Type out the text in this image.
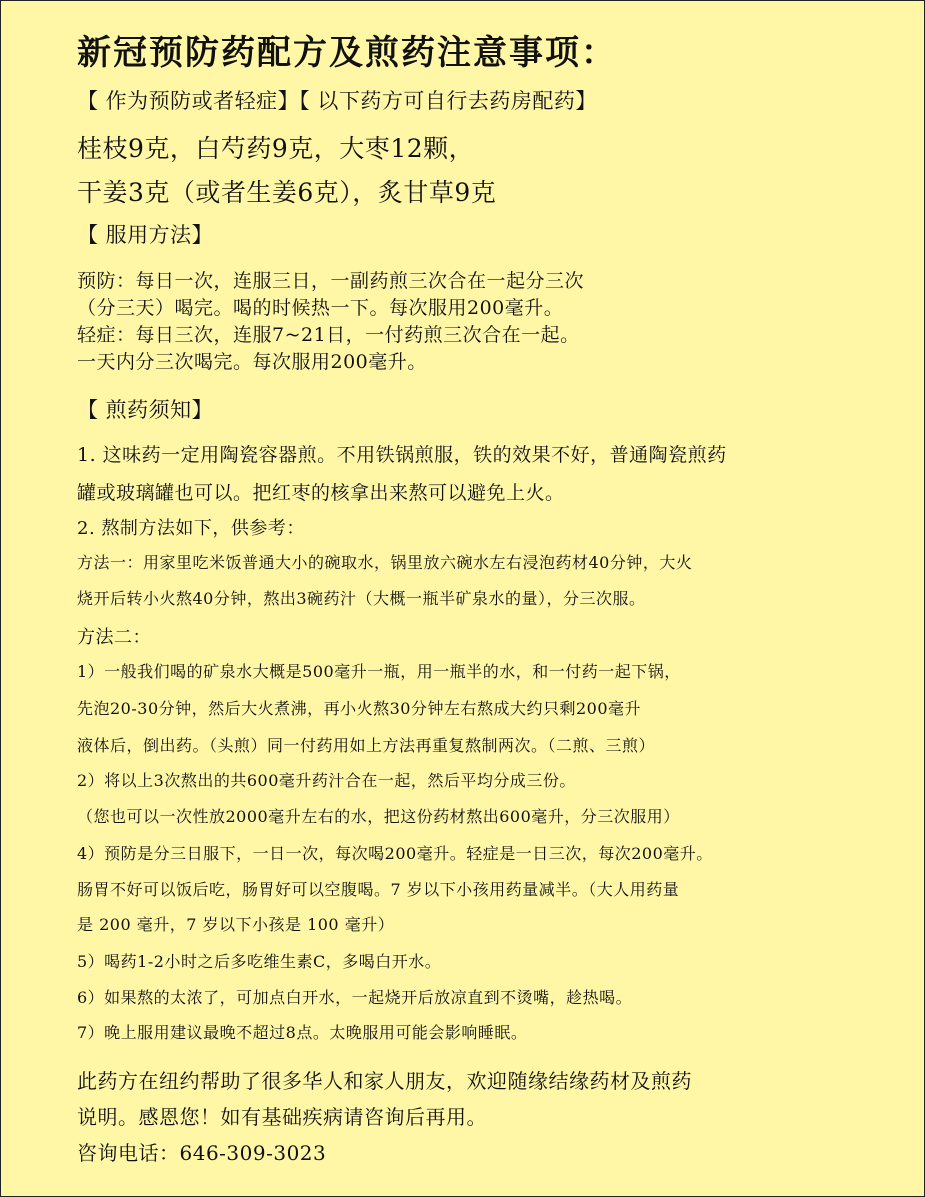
新冠预防药配方及煎药注意事项：

【 作为预防或者轻症】【 以下药方可自行去药房配药】

桂枝9克，白芍药9克，大枣12颗，

干姜3克（或者生姜6克），炙甘草9克

【 服用方法】

预防：每日一次，连服三日，一副药煎三次合在一起分三次

（分三天）喝完。喝的时候热一下。每次服用200毫升。

轻症：每日三次，连服7~21日，一付药煎三次合在一起。

一天内分三次喝完。每次服用200毫升。

【 煎药须知】

1. 这味药一定用陶瓷容器煎。不用铁锅煎服，铁的效果不好，普通陶瓷煎药

罐或玻璃罐也可以。把红枣的核拿出来熬可以避免上火。

2. 熬制方法如下，供参考：

方法一：用家里吃米饭普通大小的碗取水，锅里放六碗水左右浸泡药材40分钟，大火

烧开后转小火熬40分钟，熬出3碗药汁（大概一瓶半矿泉水的量），分三次服。

方法二：

1）一般我们喝的矿泉水大概是500毫升一瓶，用一瓶半的水，和一付药一起下锅，

先泡20-30分钟，然后大火煮沸，再小火熬30分钟左右熬成大约只剩200毫升

液体后，倒出药。（头煎）同一付药用如上方法再重复熬制两次。（二煎、三煎）

2）将以上3次熬出的共600毫升药汁合在一起，然后平均分成三份。

（您也可以一次性放2000毫升左右的水，把这份药材熬出600毫升，分三次服用）

4）预防是分三日服下，一日一次，每次喝200毫升。轻症是一日三次，每次200毫升。

肠胃不好可以饭后吃，肠胃好可以空腹喝。7 岁以下小孩用药量减半。（大人用药量

是 200 毫升，7 岁以下小孩是 100 毫升）

5）喝药1-2小时之后多吃维生素C，多喝白开水。

6）如果熬的太浓了，可加点白开水，一起烧开后放凉直到不烫嘴，趁热喝。

7）晚上服用建议最晚不超过8点。太晚服用可能会影响睡眠。

此药方在纽约帮助了很多华人和家人朋友，欢迎随缘结缘药材及煎药

说明。感恩您！如有基础疾病请咨询后再用。

咨询电话：646-309-3023
